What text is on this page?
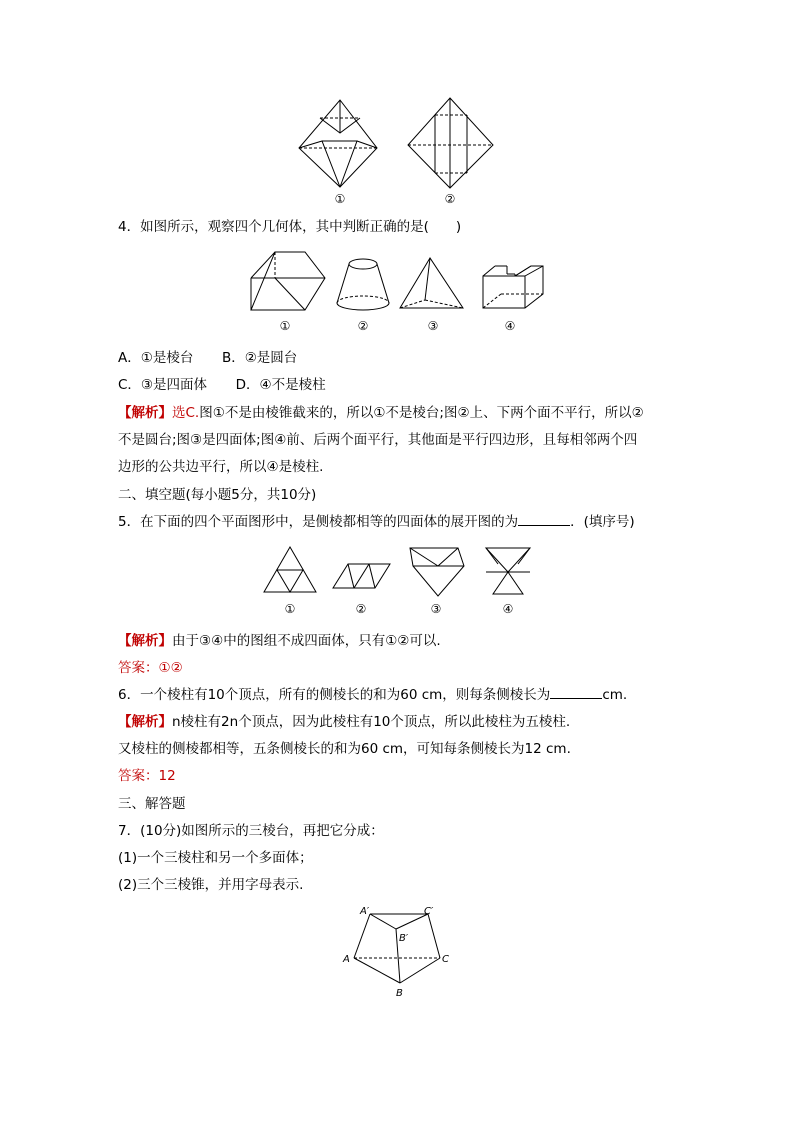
①	②
4．如图所示，观察四个几何体，其中判断正确的是(　　)
①	②	③	④
A．①是棱台 B．②是圆台
C．③是四面体 D．④不是棱柱
【解析】选C.图①不是由棱锥截来的，所以①不是棱台;图②上、下两个面不平行，所以②
不是圆台;图③是四面体;图④前、后两个面平行，其他面是平行四边形，且每相邻两个四
边形的公共边平行，所以④是棱柱.
二、填空题(每小题5分，共10分)
5．在下面的四个平面图形中，是侧棱都相等的四面体的展开图的为	．(填序号)
①	②	③	④
【解析】由于③④中的图组不成四面体，只有①②可以.
答案：①②
6．一个棱柱有10个顶点，所有的侧棱长的和为60 cm，则每条侧棱长为	cm.
【解析】n棱柱有2n个顶点，因为此棱柱有10个顶点，所以此棱柱为五棱柱.
又棱柱的侧棱都相等，五条侧棱长的和为60 cm，可知每条侧棱长为12 cm.
答案：12
三、解答题
7．(10分)如图所示的三棱台，再把它分成：
(1)一个三棱柱和另一个多面体；
(2)三个三棱锥，并用字母表示.
A′	C′
B′
A	C
B
